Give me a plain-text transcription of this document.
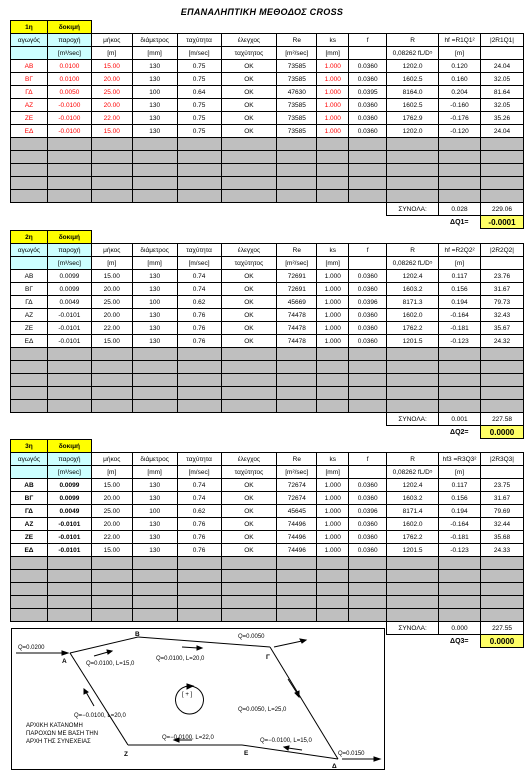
ΕΠΑΝΑΛΗΠΤΙΚΗ ΜΕΘΟΔΟΣ CROSS
1η	δοκιμή										
αγωγός	παροχή	μήκος	διάμετρος	ταχύτητα	έλεγχος	Re	ks	f	R	hf =R1Q1²	|2R1Q1|
	[m³/sec]	[m]	[mm]	[m/sec]	ταχύτητος	[m²/sec]	[mm]		0,08262 fL/D⁵	[m]	
ΑΒ	0.0100	15.00	130	0.75	OK	73585	1.000	0.0360	1202.0	0.120	24.04
ΒΓ	0.0100	20.00	130	0.75	OK	73585	1.000	0.0360	1602.5	0.160	32.05
ΓΔ	0.0050	25.00	100	0.64	OK	47630	1.000	0.0395	8164.0	0.204	81.64
ΑΖ	-0.0100	20.00	130	0.75	OK	73585	1.000	0.0360	1602.5	-0.160	32.05
ΖΕ	-0.0100	22.00	130	0.75	OK	73585	1.000	0.0360	1762.9	-0.176	35.26
ΕΔ	-0.0100	15.00	130	0.75	OK	73585	1.000	0.0360	1202.0	-0.120	24.04

									ΣΥΝΟΛΑ:	0.028	229.06
										ΔQ1=	-0.0001
2η	δοκιμή										
αγωγός	παροχή	μήκος	διάμετρος	ταχύτητα	έλεγχος	Re	ks	f	R	hf =R2Q2²	|2R2Q2|
	[m³/sec]	[m]	[mm]	[m/sec]	ταχύτητος	[m²/sec]	[mm]		0,08262 fL/D⁵	[m]	
ΑΒ	0.0099	15.00	130	0.74	OK	72691	1.000	0.0360	1202.4	0.117	23.76
ΒΓ	0.0099	20.00	130	0.74	OK	72691	1.000	0.0360	1603.2	0.156	31.67
ΓΔ	0.0049	25.00	100	0.62	OK	45669	1.000	0.0396	8171.3	0.194	79.73
ΑΖ	-0.0101	20.00	130	0.76	OK	74478	1.000	0.0360	1602.0	-0.164	32.43
ΖΕ	-0.0101	22.00	130	0.76	OK	74478	1.000	0.0360	1762.2	-0.181	35.67
ΕΔ	-0.0101	15.00	130	0.76	OK	74478	1.000	0.0360	1201.5	-0.123	24.32

									ΣΥΝΟΛΑ:	0.001	227.58
										ΔQ2=	0.0000
3η	δοκιμή										
αγωγός	παροχή	μήκος	διάμετρος	ταχύτητα	έλεγχος	Re	ks	f	R	hf3 =R3Q3²	|2R3Q3|
	[m³/sec]	[m]	[mm]	[m/sec]	ταχύτητος	[m²/sec]	[mm]		0,08262 fL/D⁵	[m]	
ΑΒ	0.0099	15.00	130	0.74	OK	72674	1.000	0.0360	1202.4	0.117	23.75
ΒΓ	0.0099	20.00	130	0.74	OK	72674	1.000	0.0360	1603.2	0.156	31.67
ΓΔ	0.0049	25.00	100	0.62	OK	45645	1.000	0.0396	8171.4	0.194	79.69
ΑΖ	-0.0101	20.00	130	0.76	OK	74496	1.000	0.0360	1602.0	-0.164	32.44
ΖΕ	-0.0101	22.00	130	0.76	OK	74496	1.000	0.0360	1762.2	-0.181	35.68
ΕΔ	-0.0101	15.00	130	0.76	OK	74496	1.000	0.0360	1201.5	-0.123	24.33

									ΣΥΝΟΛΑ:	0.000	227.55
										ΔQ3=	0.0000
Α
Β
Γ
Δ
Ε
Ζ
Q=0.0200
Q=0.0050
Q=0.0150
Q=0.0100, L=15,0
Q=0.0100, L=20,0
Q=0.0050, L=25,0
Q=−0.0100, L=20,0
Q=−0.0100, L=22,0	Q=−0.0100, L=15,0
[ + ]
ΑΡΧΙΚΗ ΚΑΤΑΝΟΜΗ
ΠΑΡΟΧΩΝ ΜΕ ΒΑΣΗ ΤΗΝ
ΑΡΧΗ ΤΗΣ ΣΥΝΕΧΕΙΑΣ
